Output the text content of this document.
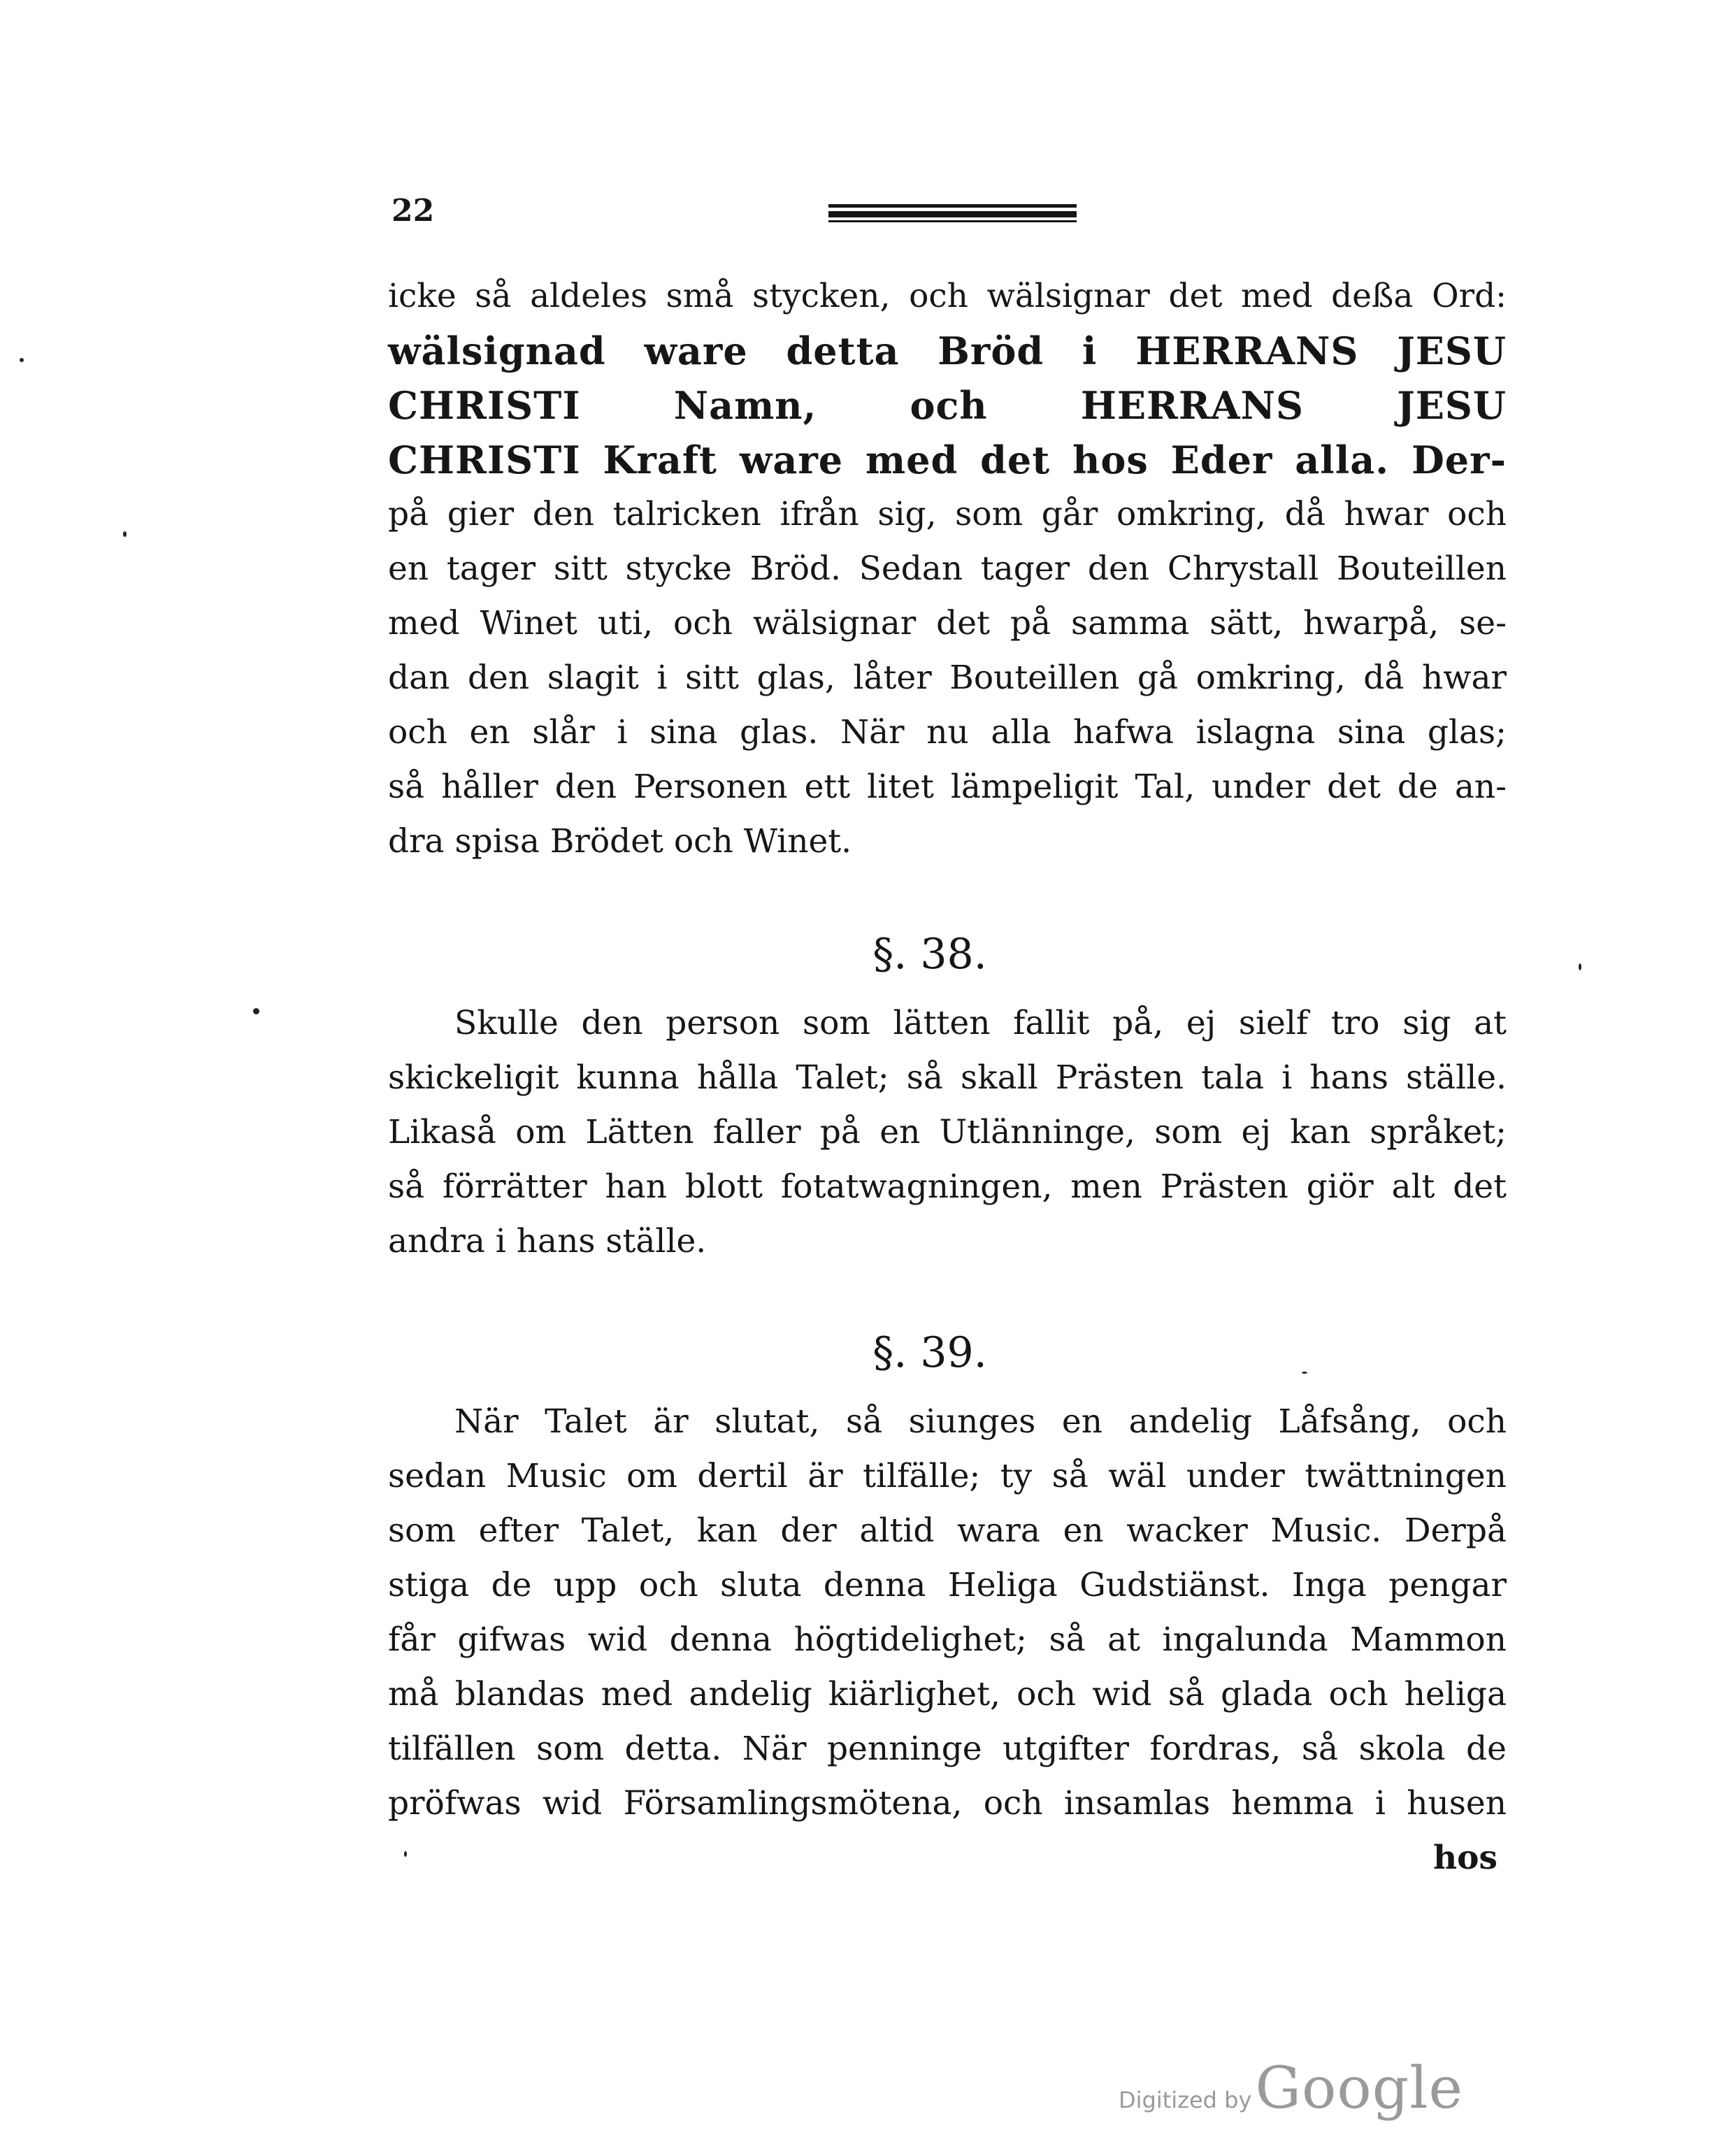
22
icke så aldeles små stycken, och wälsignar det med deßa Ord:
wälsignad ware detta Bröd i HERRANS JESU
CHRISTI Namn, och HERRANS JESU
CHRISTI Kraft ware med det hos Eder alla. Der-
på gier den talricken ifrån sig, som går omkring, då hwar och
en tager sitt stycke Bröd. Sedan tager den Chrystall Bouteillen
med Winet uti, och wälsignar det på samma sätt, hwarpå, se-
dan den slagit i sitt glas, låter Bouteillen gå omkring, då hwar
och en slår i sina glas. När nu alla hafwa islagna sina glas;
så håller den Personen ett litet lämpeligit Tal, under det de an-
dra spisa Brödet och Winet.
§. 38.
Skulle den person som lätten fallit på, ej sielf tro sig at
skickeligit kunna hålla Talet; så skall Prästen tala i hans ställe.
Likaså om Lätten faller på en Utlänninge, som ej kan språket;
så förrätter han blott fotatwagningen, men Prästen giör alt det
andra i hans ställe.
§. 39.
När Talet är slutat, så siunges en andelig Låfsång, och
sedan Music om dertil är tilfälle; ty så wäl under twättningen
som efter Talet, kan der altid wara en wacker Music. Derpå
stiga de upp och sluta denna Heliga Gudstiänst. Inga pengar
får gifwas wid denna högtidelighet; så at ingalunda Mammon
må blandas med andelig kiärlighet, och wid så glada och heliga
tilfällen som detta. När penninge utgifter fordras, så skola de
pröfwas wid Församlingsmötena, och insamlas hemma i husen
hos
Digitized by Google
